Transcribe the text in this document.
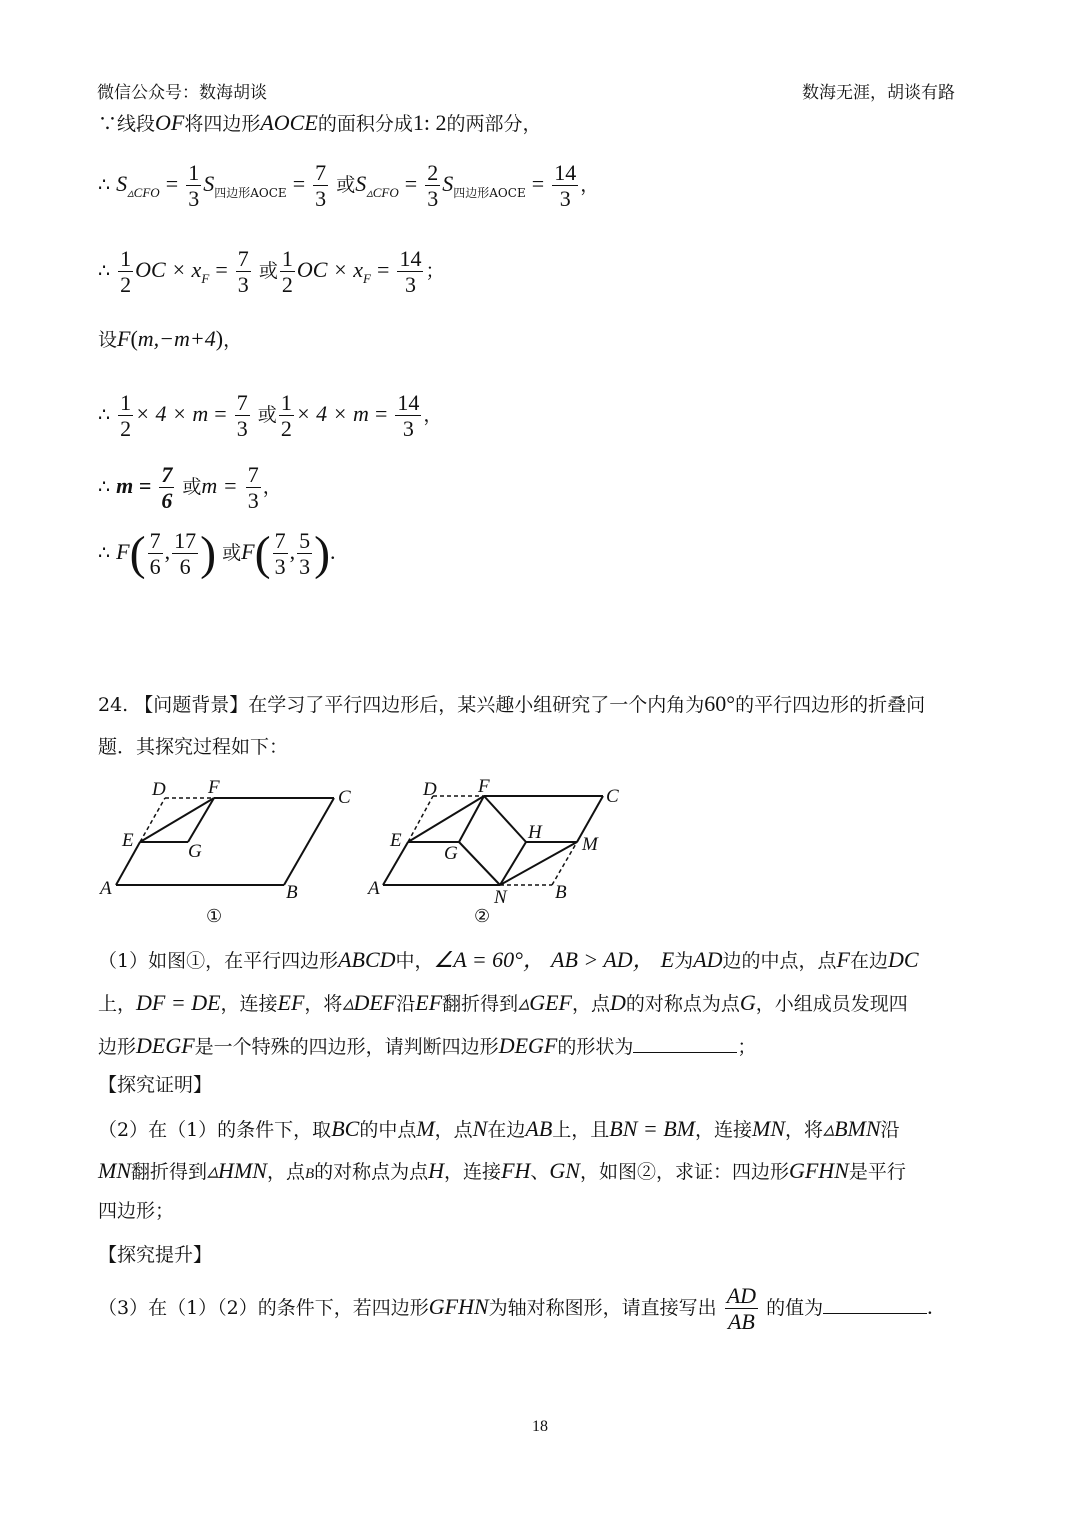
微信公众号：数海胡谈	数海无涯，胡谈有路
∵线段OF将四边形AOCE的面积分成1: 2的两部分，
∴ $S_{▵CFO} = \frac{1}{3} S_{四边形AOCE} = \frac{7}{3}$ 或$S_{▵CFO} = \frac{2}{3} S_{四边形AOCE} = \frac{14}{3}$ ，
∴ $\frac{1}{2}$ OC × $x_F = \frac{7}{3}$ 或 $\frac{1}{2}$ OC × $x_F = \frac{14}{3}$ ；
设F(m,−m+4)，
∴ $\frac{1}{2} \times 4 \times m = \frac{7}{3}$ 或 $\frac{1}{2} \times 4 \times m = \frac{14}{3}$ ，
∴ $m = \frac{7}{6}$ 或$m = \frac{7}{3}$ ，
∴ $F( \frac{7}{6}$ , $\frac{17}{6}$ ) 或$F( \frac{7}{3}$ , $\frac{5}{3}$ ).
24. 【问题背景】在学习了平行四边形后，某兴趣小组研究了一个内角为60°的平行四边形的折叠问
题．其探究过程如下：
D F	C
E
G
A	B
D F	C
E
G
H
M
A	N	B
①	②
（1）如图①，在平行四边形ABCD中，∠A = 60°， AB > AD， E为AD边的中点，点F在边DC
上，DF = DE，连接EF，将▵DEF沿EF翻折得到▵GEF，点D的对称点为点G，小组成员发现四
边形DEGF是一个特殊的四边形，请判断四边形DEGF的形状为	；
【探究证明】
（2）在（1）的条件下，取BC的中点M，点N在边AB上，且BN = BM，连接MN，将▵BMN沿
MN翻折得到▵HMN，点B的对称点为点H，连接FH、GN，如图②，求证：四边形GFHN是平行
四边形；
【探究提升】
（3）在（1）（2）的条件下，若四边形GFHN为轴对称图形，请直接写出 $\frac{AD}{AB}$ 的值为	.
18
